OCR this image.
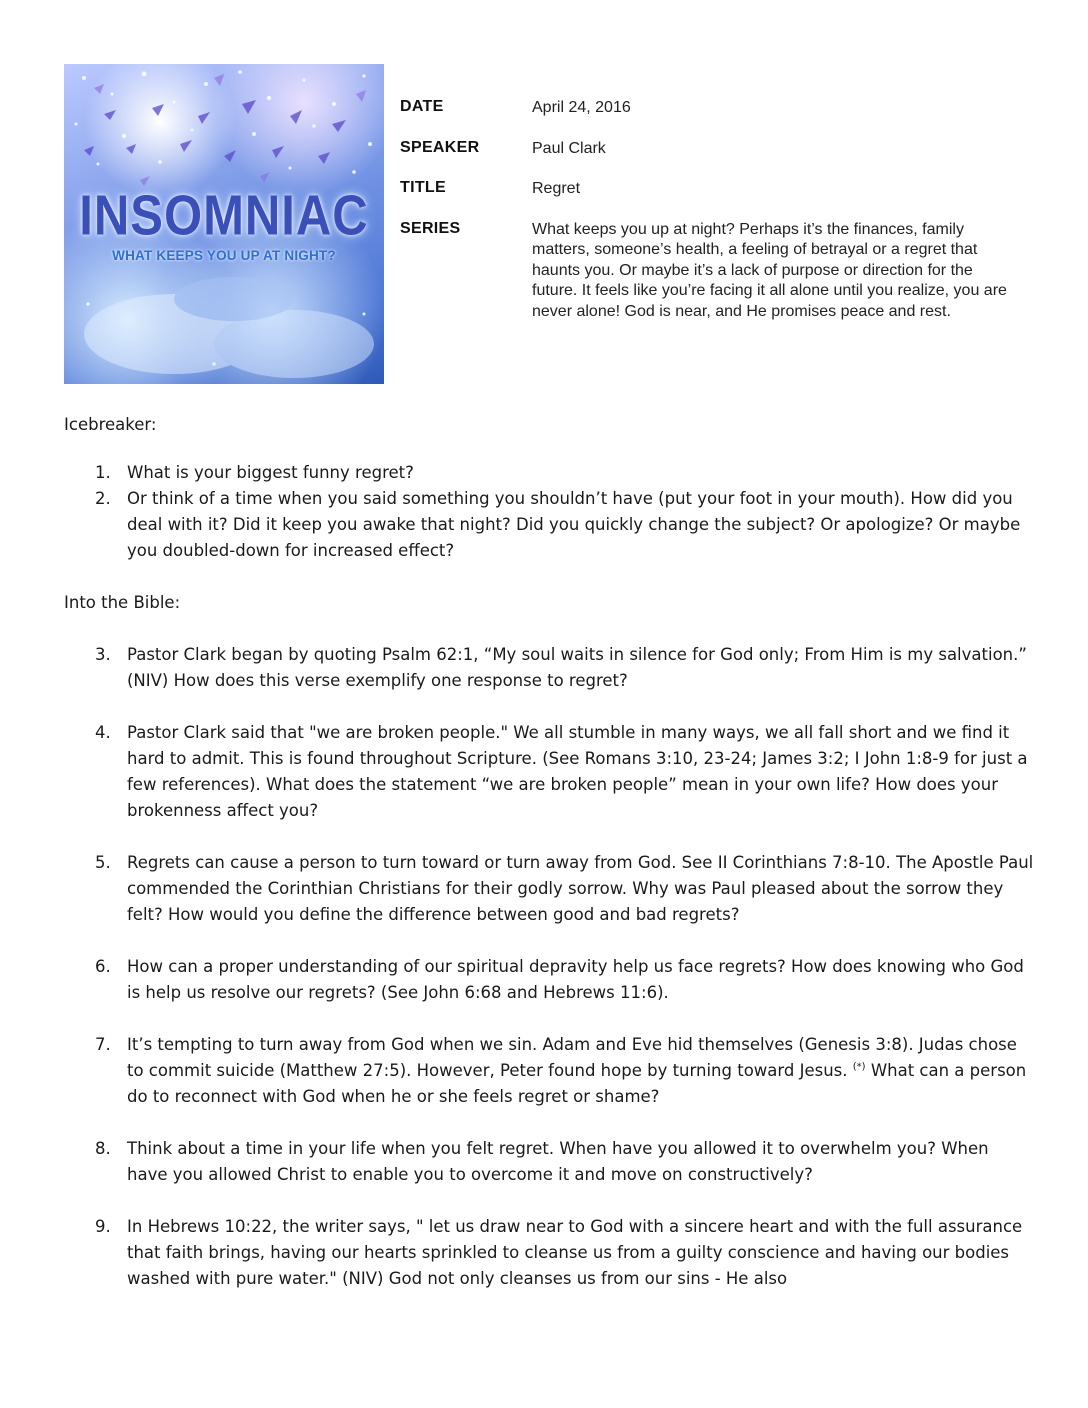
INSOMNIAC
WHAT KEEPS YOU UP AT NIGHT?
DATE	April 24, 2016
SPEAKER	Paul Clark
TITLE	Regret
SERIES	What keeps you up at night? Perhaps it’s the finances, family matters, someone’s health, a feeling of betrayal or a regret that haunts you. Or maybe it’s a lack of purpose or direction for the future. It feels like you’re facing it all alone until you realize, you are never alone! God is near, and He promises peace and rest.

Icebreaker:

1. What is your biggest funny regret?
2. Or think of a time when you said something you shouldn’t have (put your foot in your mouth). How did you deal with it? Did it keep you awake that night? Did you quickly change the subject? Or apologize? Or maybe you doubled-down for increased effect?

Into the Bible:

3. Pastor Clark began by quoting Psalm 62:1, “My soul waits in silence for God only; From Him is my salvation.” (NIV) How does this verse exemplify one response to regret?
4. Pastor Clark said that "we are broken people." We all stumble in many ways, we all fall short and we find it hard to admit. This is found throughout Scripture. (See Romans 3:10, 23-24; James 3:2; I John 1:8-9 for just a few references). What does the statement “we are broken people” mean in your own life? How does your brokenness affect you?
5. Regrets can cause a person to turn toward or turn away from God. See II Corinthians 7:8-10. The Apostle Paul commended the Corinthian Christians for their godly sorrow. Why was Paul pleased about the sorrow they felt? How would you define the difference between good and bad regrets?
6. How can a proper understanding of our spiritual depravity help us face regrets? How does knowing who God is help us resolve our regrets? (See John 6:68 and Hebrews 11:6).
7. It’s tempting to turn away from God when we sin. Adam and Eve hid themselves (Genesis 3:8). Judas chose to commit suicide (Matthew 27:5). However, Peter found hope by turning toward Jesus. (*) What can a person do to reconnect with God when he or she feels regret or shame?
8. Think about a time in your life when you felt regret. When have you allowed it to overwhelm you? When have you allowed Christ to enable you to overcome it and move on constructively?
9. In Hebrews 10:22, the writer says, " let us draw near to God with a sincere heart and with the full assurance that faith brings, having our hearts sprinkled to cleanse us from a guilty conscience and having our bodies washed with pure water." (NIV) God not only cleanses us from our sins - He also
